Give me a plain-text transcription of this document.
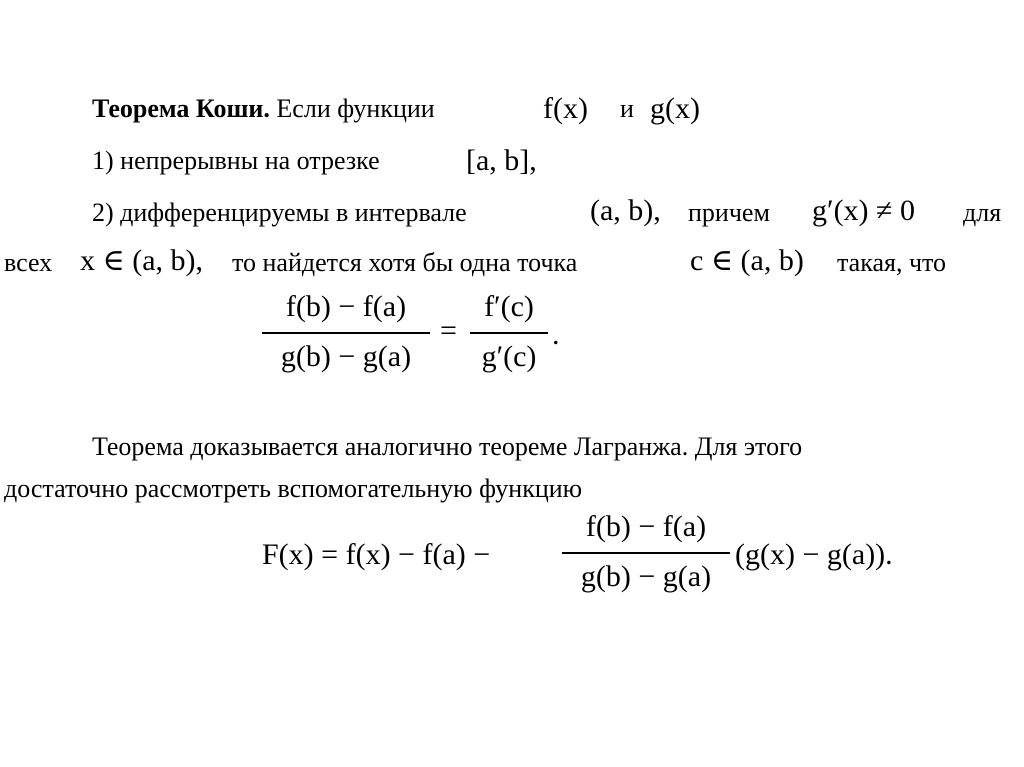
Теорема Коши. Если функции	f(x) и g(x)
1) непрерывны на отрезке	[a, b],
2) дифференцируемы в интервале	(a, b), причем g′(x) ≠ 0 для
всех x ∈ (a, b), то найдется хотя бы одна точка	c ∈ (a, b) такая, что
f(b) − f(a)
g(b) − g(a)
=
f′(c)
g′(c)
.
Теорема доказывается аналогично теореме Лагранжа. Для этого
достаточно рассмотреть вспомогательную функцию
F(x) = f(x) − f(a) −
f(b) − f(a)
g(b) − g(a)
(g(x) − g(a)).
